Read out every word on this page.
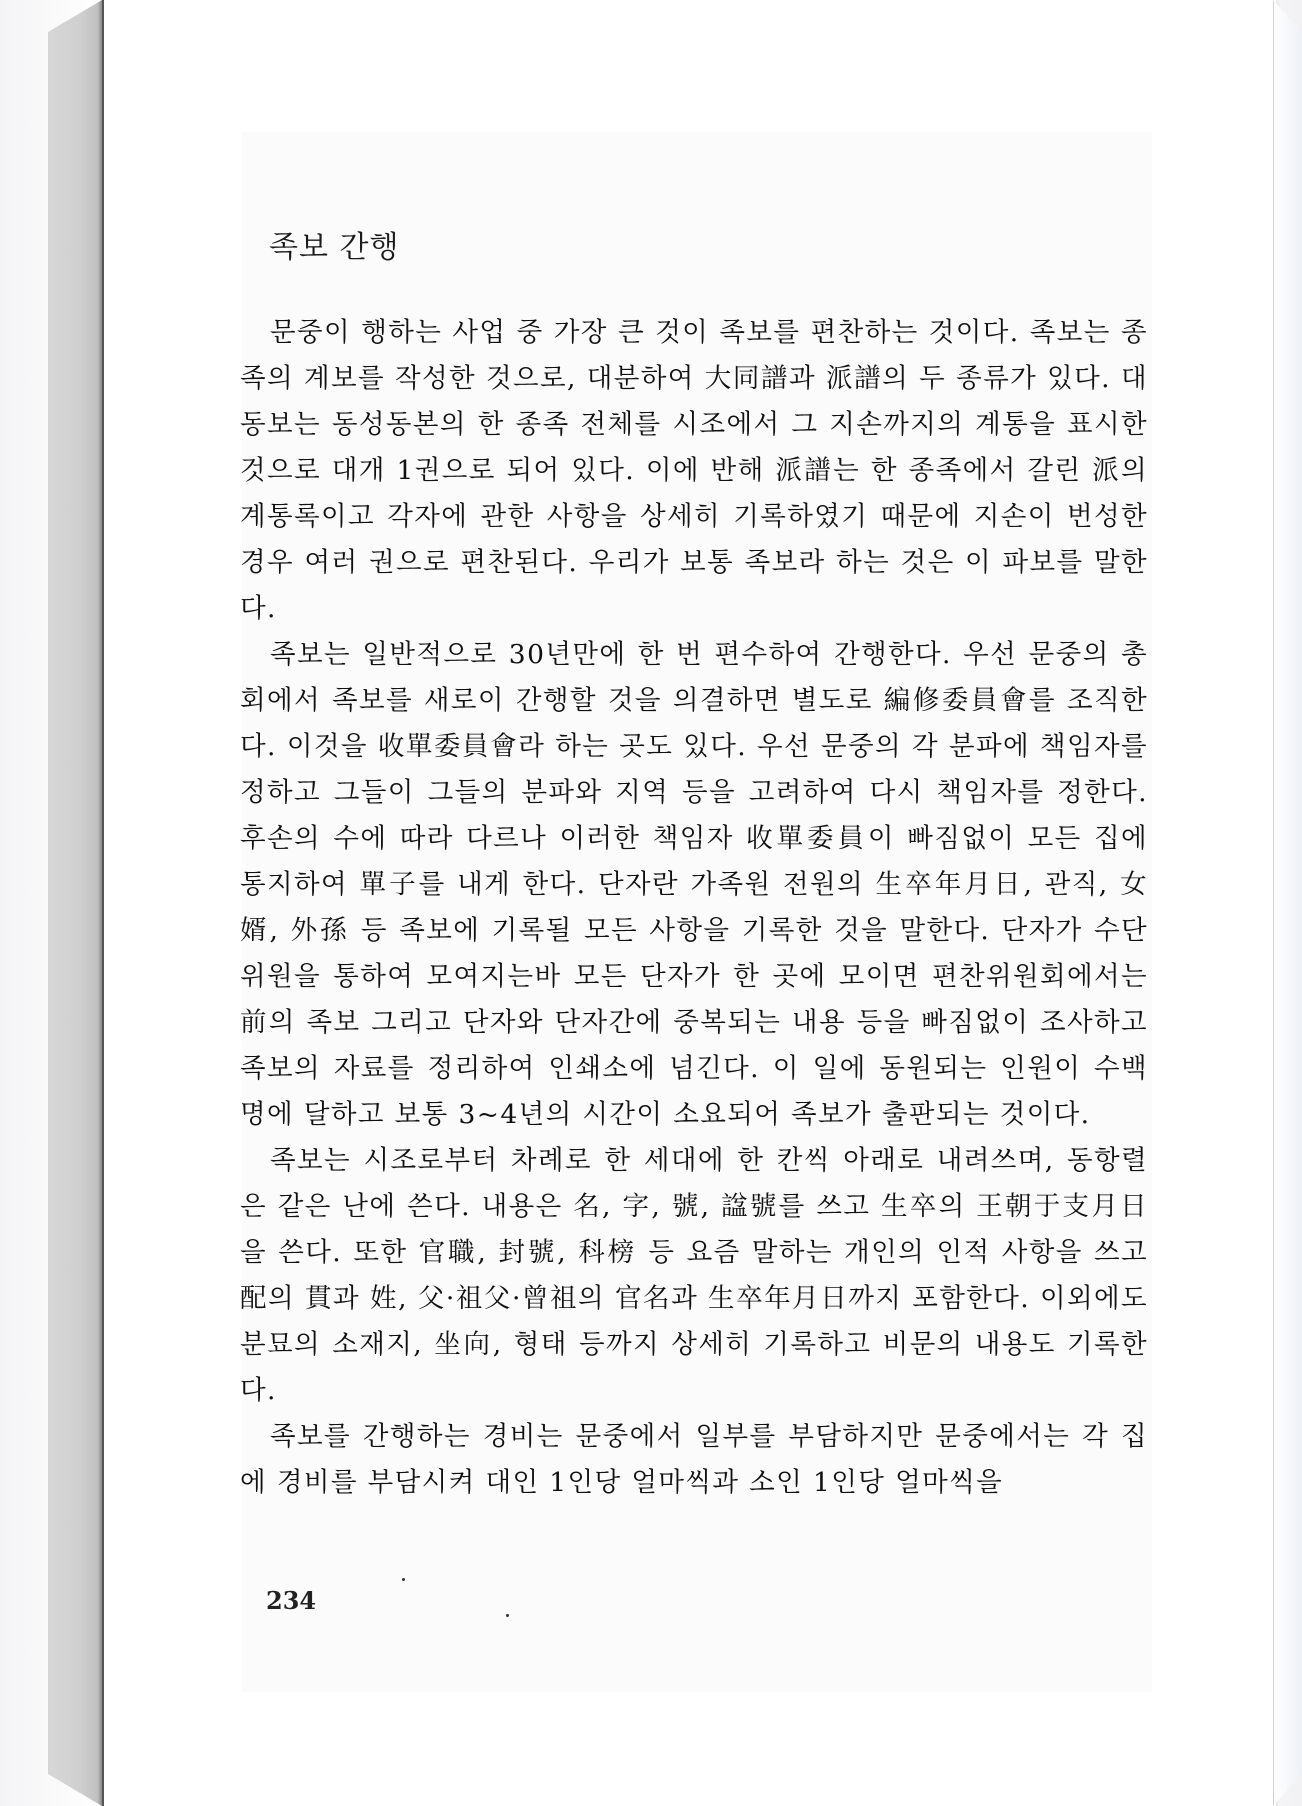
족보 간행

문중이 행하는 사업 중 가장 큰 것이 족보를 편찬하는 것이다. 족보는 종족의 계보를 작성한 것으로, 대분하여 大同譜과 派譜의 두 종류가 있다. 대동보는 동성동본의 한 종족 전체를 시조에서 그 지손까지의 계통을 표시한 것으로 대개 1권으로 되어 있다. 이에 반해 派譜는 한 종족에서 갈린 派의 계통록이고 각자에 관한 사항을 상세히 기록하였기 때문에 지손이 번성한 경우 여러 권으로 편찬된다. 우리가 보통 족보라 하는 것은 이 파보를 말한다.

족보는 일반적으로 30년만에 한 번 편수하여 간행한다. 우선 문중의 총회에서 족보를 새로이 간행할 것을 의결하면 별도로 編修委員會를 조직한다. 이것을 收單委員會라 하는 곳도 있다. 우선 문중의 각 분파에 책임자를 정하고 그들이 그들의 분파와 지역 등을 고려하여 다시 책임자를 정한다. 후손의 수에 따라 다르나 이러한 책임자 收單委員이 빠짐없이 모든 집에 통지하여 單子를 내게 한다. 단자란 가족원 전원의 生卒年月日, 관직, 女婿, 外孫 등 족보에 기록될 모든 사항을 기록한 것을 말한다. 단자가 수단위원을 통하여 모여지는바 모든 단자가 한 곳에 모이면 편찬위원회에서는 前의 족보 그리고 단자와 단자간에 중복되는 내용 등을 빠짐없이 조사하고 족보의 자료를 정리하여 인쇄소에 넘긴다. 이 일에 동원되는 인원이 수백 명에 달하고 보통 3~4년의 시간이 소요되어 족보가 출판되는 것이다.

족보는 시조로부터 차례로 한 세대에 한 칸씩 아래로 내려쓰며, 동항렬은 같은 난에 쓴다. 내용은 名, 字, 號, 諡號를 쓰고 生卒의 王朝于支月日을 쓴다. 또한 官職, 封號, 科榜 등 요즘 말하는 개인의 인적 사항을 쓰고 配의 貫과 姓, 父·祖父·曾祖의 官名과 生卒年月日까지 포함한다. 이외에도 분묘의 소재지, 坐向, 형태 등까지 상세히 기록하고 비문의 내용도 기록한다.

족보를 간행하는 경비는 문중에서 일부를 부담하지만 문중에서는 각 집에 경비를 부담시켜 대인 1인당 얼마씩과 소인 1인당 얼마씩을

234
